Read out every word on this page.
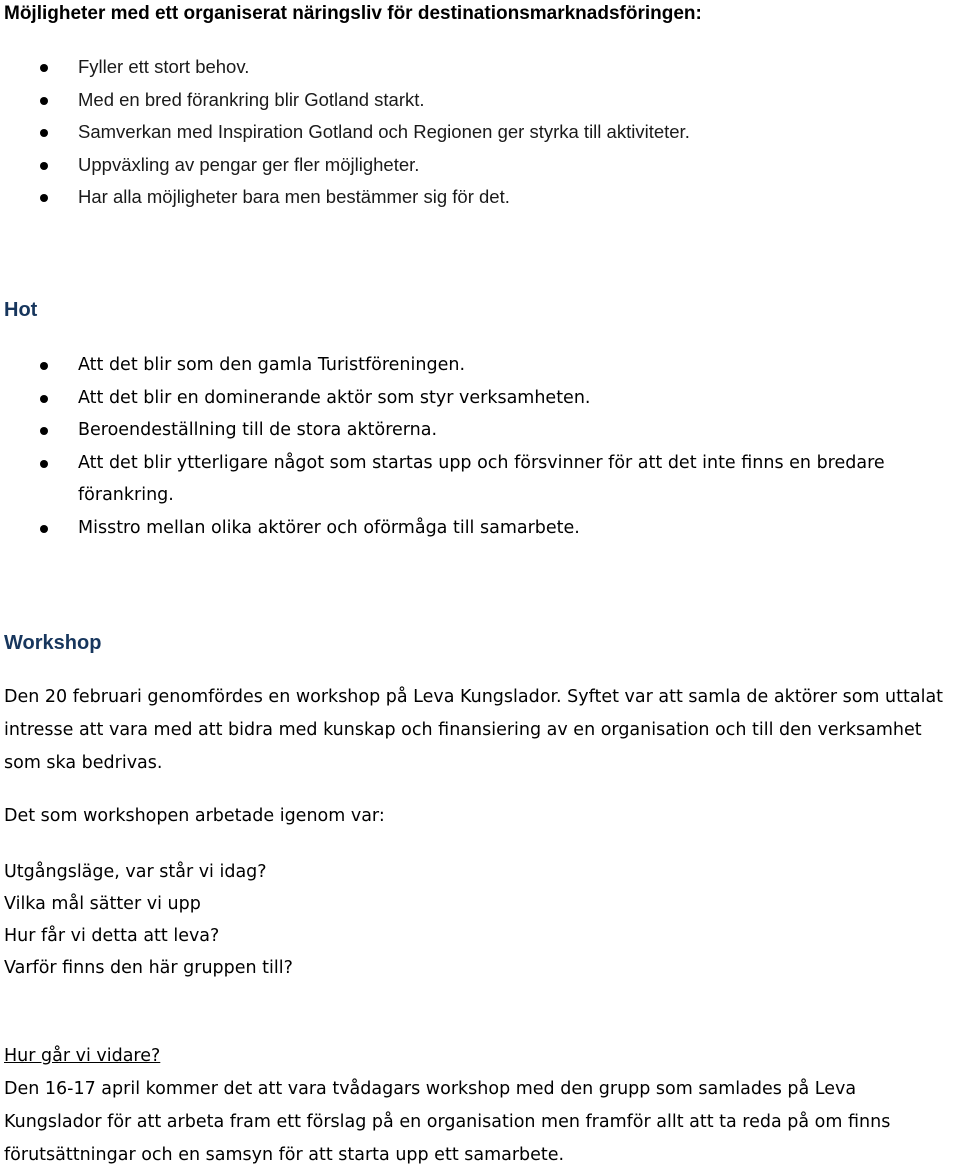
Möjligheter med ett organiserat näringsliv för destinationsmarknadsföringen:
Fyller ett stort behov.
Med en bred förankring blir Gotland starkt.
Samverkan med Inspiration Gotland och Regionen ger styrka till aktiviteter.
Uppväxling av pengar ger fler möjligheter.
Har alla möjligheter bara men bestämmer sig för det.
Hot
Att det blir som den gamla Turistföreningen.
Att det blir en dominerande aktör som styr verksamheten.
Beroendeställning till de stora aktörerna.
Att det blir ytterligare något som startas upp och försvinner för att det inte finns en bredare förankring.
Misstro mellan olika aktörer och oförmåga till samarbete.
Workshop

Den 20 februari genomfördes en workshop på Leva Kungslador. Syftet var att samla de aktörer som uttalat intresse att vara med att bidra med kunskap och finansiering av en organisation och till den verksamhet som ska bedrivas.

Det som workshopen arbetade igenom var:

Utgångsläge, var står vi idag?
Vilka mål sätter vi upp
Hur får vi detta att leva?
Varför finns den här gruppen till?

Hur går vi vidare?

Den 16-17 april kommer det att vara tvådagars workshop med den grupp som samlades på Leva Kungslador för att arbeta fram ett förslag på en organisation men framför allt att ta reda på om finns förutsättningar och en samsyn för att starta upp ett samarbete.
